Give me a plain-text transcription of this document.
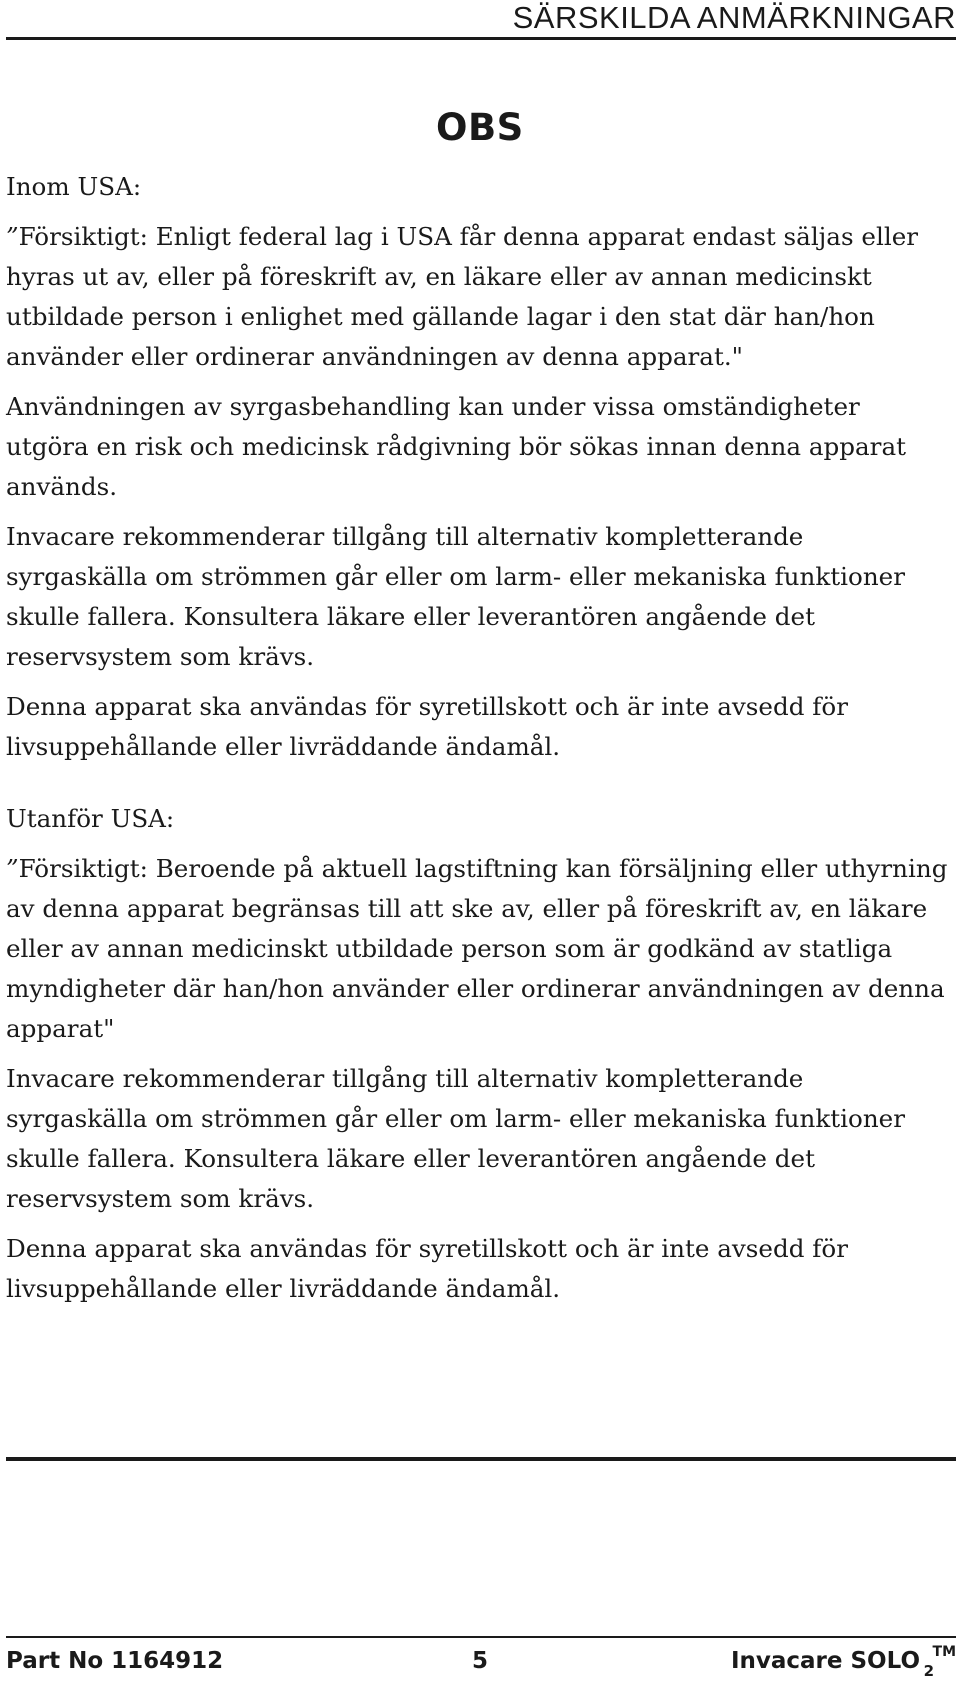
SÄRSKILDA ANMÄRKNINGAR
OBS
Inom USA:

”Försiktigt: Enligt federal lag i USA får denna apparat endast säljas eller hyras ut av, eller på föreskrift av, en läkare eller av annan medicinskt utbildade person i enlighet med gällande lagar i den stat där han/hon använder eller ordinerar användningen av denna apparat."

Användningen av syrgasbehandling kan under vissa omständigheter utgöra en risk och medicinsk rådgivning bör sökas innan denna apparat används.

Invacare rekommenderar tillgång till alternativ kompletterande syrgaskälla om strömmen går eller om larm- eller mekaniska funktioner skulle fallera. Konsultera läkare eller leverantören angående det reservsystem som krävs.

Denna apparat ska användas för syretillskott och är inte avsedd för livsuppehållande eller livräddande ändamål.

Utanför USA:

”Försiktigt: Beroende på aktuell lagstiftning kan försäljning eller uthyrning av denna apparat begränsas till att ske av, eller på föreskrift av, en läkare eller av annan medicinskt utbildade person som är godkänd av statliga myndigheter där han/hon använder eller ordinerar användningen av denna apparat"

Invacare rekommenderar tillgång till alternativ kompletterande syrgaskälla om strömmen går eller om larm- eller mekaniska funktioner skulle fallera. Konsultera läkare eller leverantören angående det reservsystem som krävs.

Denna apparat ska användas för syretillskott och är inte avsedd för livsuppehållande eller livräddande ändamål.

Part No 1164912	5	Invacare SOLO 2
TM
